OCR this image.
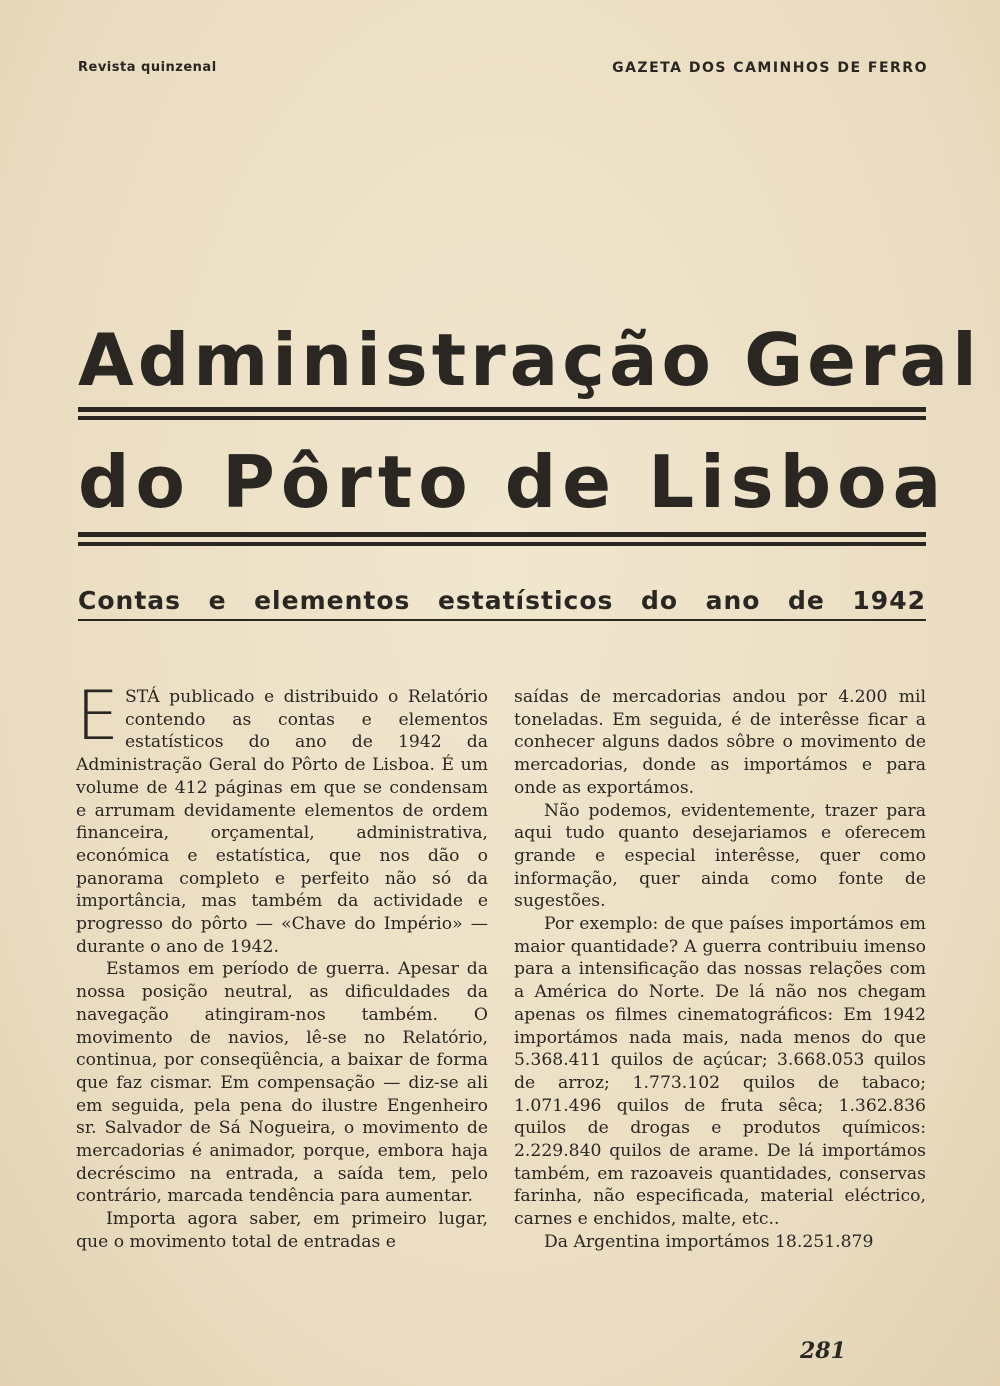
Revista quinzenal	GAZETA DOS CAMINHOS DE FERRO
Administração Geral
do Pôrto de Lisboa
Contas e elementos estatísticos do ano de 1942

ESTÁ publicado e distribuido o Relatório contendo as contas e elementos estatísticos do ano de 1942 da Administração Geral do Pôrto de Lisboa. É um volume de 412 páginas em que se condensam e arrumam devidamente elementos de ordem financeira, orçamental, administrativa, económica e estatística, que nos dão o panorama completo e perfeito não só da importância, mas também da actividade e progresso do pôrto — «Chave do Império» — durante o ano de 1942.

Estamos em período de guerra. Apesar da nossa posição neutral, as dificuldades da navegação atingiram-nos também. O movimento de navios, lê-se no Relatório, continua, por conseqüência, a baixar de forma que faz cismar. Em compensação — diz-se ali em seguida, pela pena do ilustre Engenheiro sr. Salvador de Sá Nogueira, o movimento de mercadorias é animador, porque, embora haja decréscimo na entrada, a saída tem, pelo contrário, marcada tendência para aumentar.

Importa agora saber, em primeiro lugar, que o movimento total de entradas e

saídas de mercadorias andou por 4.200 mil toneladas. Em seguida, é de interêsse ficar a conhecer alguns dados sôbre o movimento de mercadorias, donde as importámos e para onde as exportámos.

Não podemos, evidentemente, trazer para aqui tudo quanto desejariamos e oferecem grande e especial interêsse, quer como informação, quer ainda como fonte de sugestões.

Por exemplo: de que países importámos em maior quantidade? A guerra contribuiu imenso para a intensificação das nossas relações com a América do Norte. De lá não nos chegam apenas os filmes cinematográficos: Em 1942 importámos nada mais, nada menos do que 5.368.411 quilos de açúcar; 3.668.053 quilos de arroz; 1.773.102 quilos de tabaco; 1.071.496 quilos de fruta sêca; 1.362.836 quilos de drogas e produtos químicos: 2.229.840 quilos de arame. De lá importámos também, em razoaveis quantidades, conservas farinha, não especificada, material eléctrico, carnes e enchidos, malte, etc..

Da Argentina importámos 18.251.879

281
